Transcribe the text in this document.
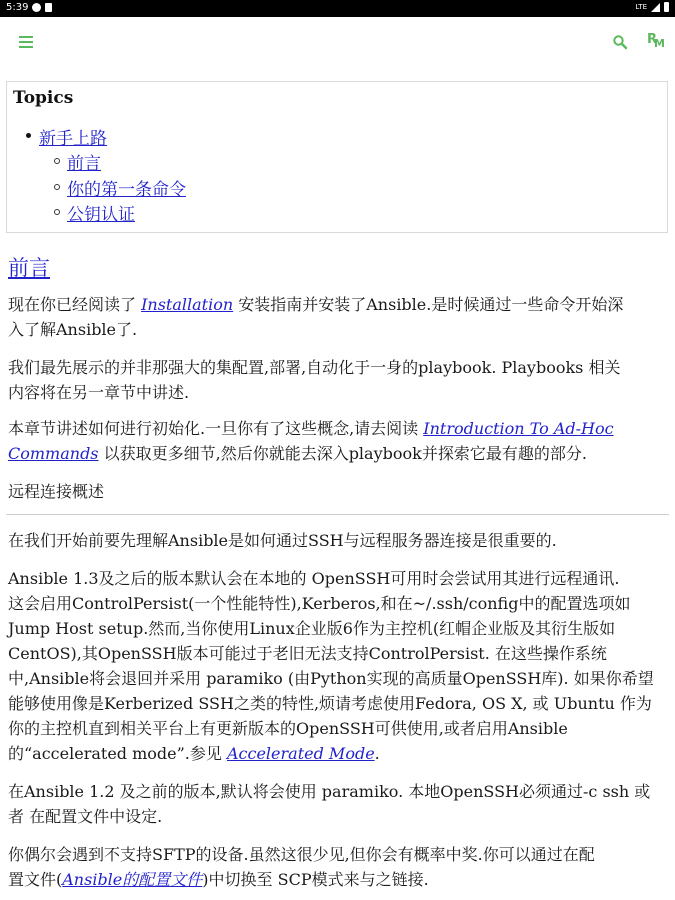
5:39	LTE
R
M
Topics
新手上路
前言
你的第一条命令
公钥认证
前言
现在你已经阅读了 Installation 安装指南并安装了Ansible.是时候通过一些命令开始深
入了解Ansible了.
我们最先展示的并非那强大的集配置,部署,自动化于一身的playbook. Playbooks 相关
内容将在另一章节中讲述.
本章节讲述如何进行初始化.一旦你有了这些概念,请去阅读 Introduction To Ad-Hoc
Commands 以获取更多细节,然后你就能去深入playbook并探索它最有趣的部分.
远程连接概述
在我们开始前要先理解Ansible是如何通过SSH与远程服务器连接是很重要的.
Ansible 1.3及之后的版本默认会在本地的 OpenSSH可用时会尝试用其进行远程通讯.
这会启用ControlPersist(一个性能特性),Kerberos,和在~/.ssh/config中的配置选项如
Jump Host setup.然而,当你使用Linux企业版6作为主控机(红帽企业版及其衍生版如
CentOS),其OpenSSH版本可能过于老旧无法支持ControlPersist. 在这些操作系统
中,Ansible将会退回并采用 paramiko (由Python实现的高质量OpenSSH库). 如果你希望
能够使用像是Kerberized SSH之类的特性,烦请考虑使用Fedora, OS X, 或 Ubuntu 作为
你的主控机直到相关平台上有更新版本的OpenSSH可供使用,或者启用Ansible
的“accelerated mode”.参见 Accelerated Mode.
在Ansible 1.2 及之前的版本,默认将会使用 paramiko. 本地OpenSSH必须通过-c ssh 或
者 在配置文件中设定.
你偶尔会遇到不支持SFTP的设备.虽然这很少见,但你会有概率中奖.你可以通过在配
置文件(Ansible的配置文件)中切换至 SCP模式来与之链接.
